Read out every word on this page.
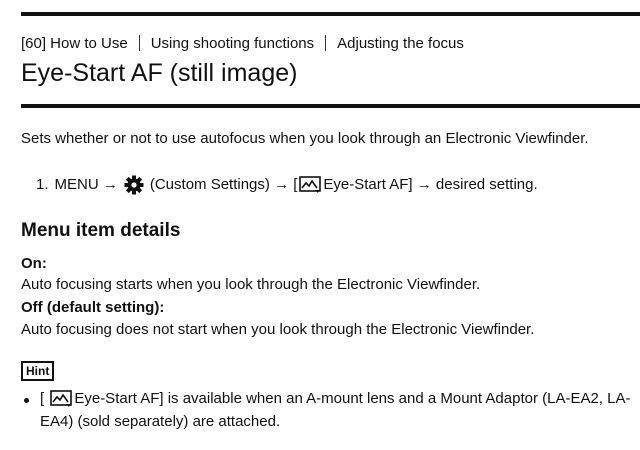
[60] How to Use Using shooting functions Adjusting the focus
Eye-Start AF (still image)
Sets whether or not to use autofocus when you look through an Electronic Viewfinder.
1. MENU → (Custom Settings) → [ Eye-Start AF] → desired setting.
Menu item details
On:
Auto focusing starts when you look through the Electronic Viewfinder.
Off (default setting):
Auto focusing does not start when you look through the Electronic Viewfinder.
Hint
[ Eye-Start AF] is available when an A-mount lens and a Mount Adaptor (LA-EA2, LA-
EA4) (sold separately) are attached.
